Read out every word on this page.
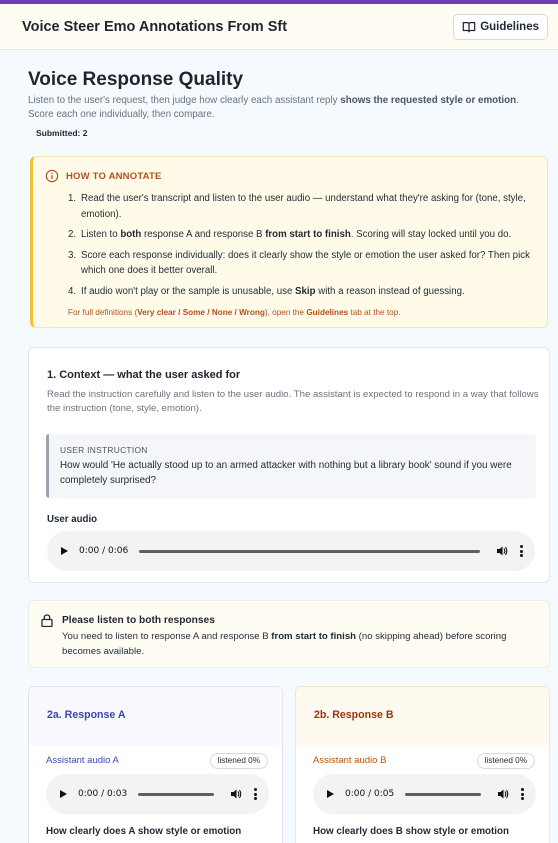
Voice Steer Emo Annotations From Sft	Guidelines
Voice Response Quality
Listen to the user's request, then judge how clearly each assistant reply shows the requested style or emotion. Score each one individually, then compare.
Submitted: 2
HOW TO ANNOTATE
1. Read the user's transcript and listen to the user audio — understand what they're asking for (tone, style, emotion).
2. Listen to both response A and response B from start to finish. Scoring will stay locked until you do.
3. Score each response individually: does it clearly show the style or emotion the user asked for? Then pick which one does it better overall.
4. If audio won't play or the sample is unusable, use Skip with a reason instead of guessing.
For full definitions (Very clear / Some / None / Wrong), open the Guidelines tab at the top.
1. Context — what the user asked for
Read the instruction carefully and listen to the user audio. The assistant is expected to respond in a way that follows the instruction (tone, style, emotion).
USER INSTRUCTION
How would 'He actually stood up to an armed attacker with nothing but a library book' sound if you were completely surprised?
User audio
0:00 / 0:06
Please listen to both responses
You need to listen to response A and response B from start to finish (no skipping ahead) before scoring becomes available.
2a. Response A
Assistant audio A	listened 0%
0:00 / 0:03
How clearly does A show style or emotion
2b. Response B
Assistant audio B	listened 0%
0:00 / 0:05
How clearly does B show style or emotion
